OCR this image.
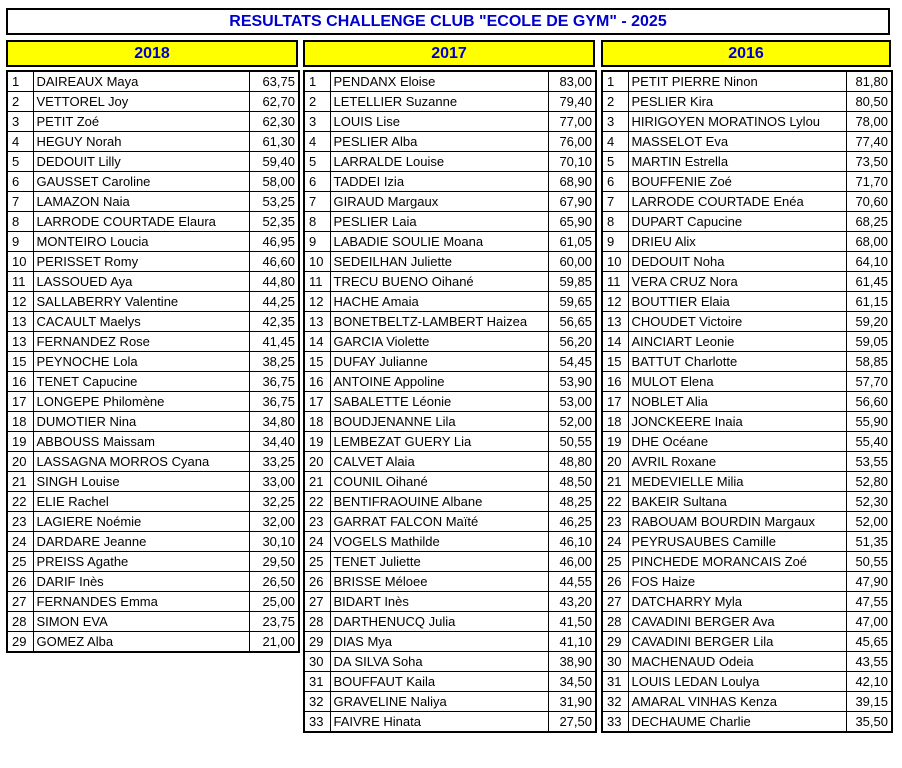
RESULTATS CHALLENGE CLUB "ECOLE DE GYM" - 2025
2018
1	DAIREAUX Maya	63,75
2	VETTOREL Joy	62,70
3	PETIT Zoé	62,30
4	HEGUY Norah	61,30
5	DEDOUIT Lilly	59,40
6	GAUSSET Caroline	58,00
7	LAMAZON Naia	53,25
8	LARRODE COURTADE Elaura	52,35
9	MONTEIRO Loucia	46,95
10	PERISSET Romy	46,60
11	LASSOUED Aya	44,80
12	SALLABERRY Valentine	44,25
13	CACAULT Maelys	42,35
13	FERNANDEZ Rose	41,45
15	PEYNOCHE Lola	38,25
16	TENET Capucine	36,75
17	LONGEPE Philomène	36,75
18	DUMOTIER Nina	34,80
19	ABBOUSS Maissam	34,40
20	LASSAGNA MORROS Cyana	33,25
21	SINGH Louise	33,00
22	ELIE Rachel	32,25
23	LAGIERE Noémie	32,00
24	DARDARE Jeanne	30,10
25	PREISS Agathe	29,50
26	DARIF Inès	26,50
27	FERNANDES Emma	25,00
28	SIMON EVA	23,75
29	GOMEZ Alba	21,00
2017
1	PENDANX Eloise	83,00
2	LETELLIER Suzanne	79,40
3	LOUIS Lise	77,00
4	PESLIER Alba	76,00
5	LARRALDE Louise	70,10
6	TADDEI Izia	68,90
7	GIRAUD Margaux	67,90
8	PESLIER Laia	65,90
9	LABADIE SOULIE Moana	61,05
10	SEDEILHAN Juliette	60,00
11	TRECU BUENO Oihané	59,85
12	HACHE Amaia	59,65
13	BONETBELTZ-LAMBERT Haizea	56,65
14	GARCIA Violette	56,20
15	DUFAY Julianne	54,45
16	ANTOINE Appoline	53,90
17	SABALETTE Léonie	53,00
18	BOUDJENANNE Lila	52,00
19	LEMBEZAT GUERY Lia	50,55
20	CALVET Alaia	48,80
21	COUNIL Oihané	48,50
22	BENTIFRAOUINE Albane	48,25
23	GARRAT FALCON Maïté	46,25
24	VOGELS Mathilde	46,10
25	TENET Juliette	46,00
26	BRISSE Méloee	44,55
27	BIDART Inès	43,20
28	DARTHENUCQ Julia	41,50
29	DIAS Mya	41,10
30	DA SILVA Soha	38,90
31	BOUFFAUT Kaila	34,50
32	GRAVELINE Naliya	31,90
33	FAIVRE Hinata	27,50
2016
1	PETIT PIERRE Ninon	81,80
2	PESLIER Kira	80,50
3	HIRIGOYEN MORATINOS Lylou	78,00
4	MASSELOT Eva	77,40
5	MARTIN Estrella	73,50
6	BOUFFENIE Zoé	71,70
7	LARRODE COURTADE Enéa	70,60
8	DUPART Capucine	68,25
9	DRIEU Alix	68,00
10	DEDOUIT Noha	64,10
11	VERA CRUZ Nora	61,45
12	BOUTTIER Elaia	61,15
13	CHOUDET Victoire	59,20
14	AINCIART Leonie	59,05
15	BATTUT Charlotte	58,85
16	MULOT Elena	57,70
17	NOBLET Alia	56,60
18	JONCKEERE Inaia	55,90
19	DHE Océane	55,40
20	AVRIL Roxane	53,55
21	MEDEVIELLE Milia	52,80
22	BAKEIR Sultana	52,30
23	RABOUAM BOURDIN Margaux	52,00
24	PEYRUSAUBES Camille	51,35
25	PINCHEDE MORANCAIS Zoé	50,55
26	FOS Haize	47,90
27	DATCHARRY Myla	47,55
28	CAVADINI BERGER Ava	47,00
29	CAVADINI BERGER Lila	45,65
30	MACHENAUD Odeia	43,55
31	LOUIS LEDAN Loulya	42,10
32	AMARAL VINHAS Kenza	39,15
33	DECHAUME Charlie	35,50
